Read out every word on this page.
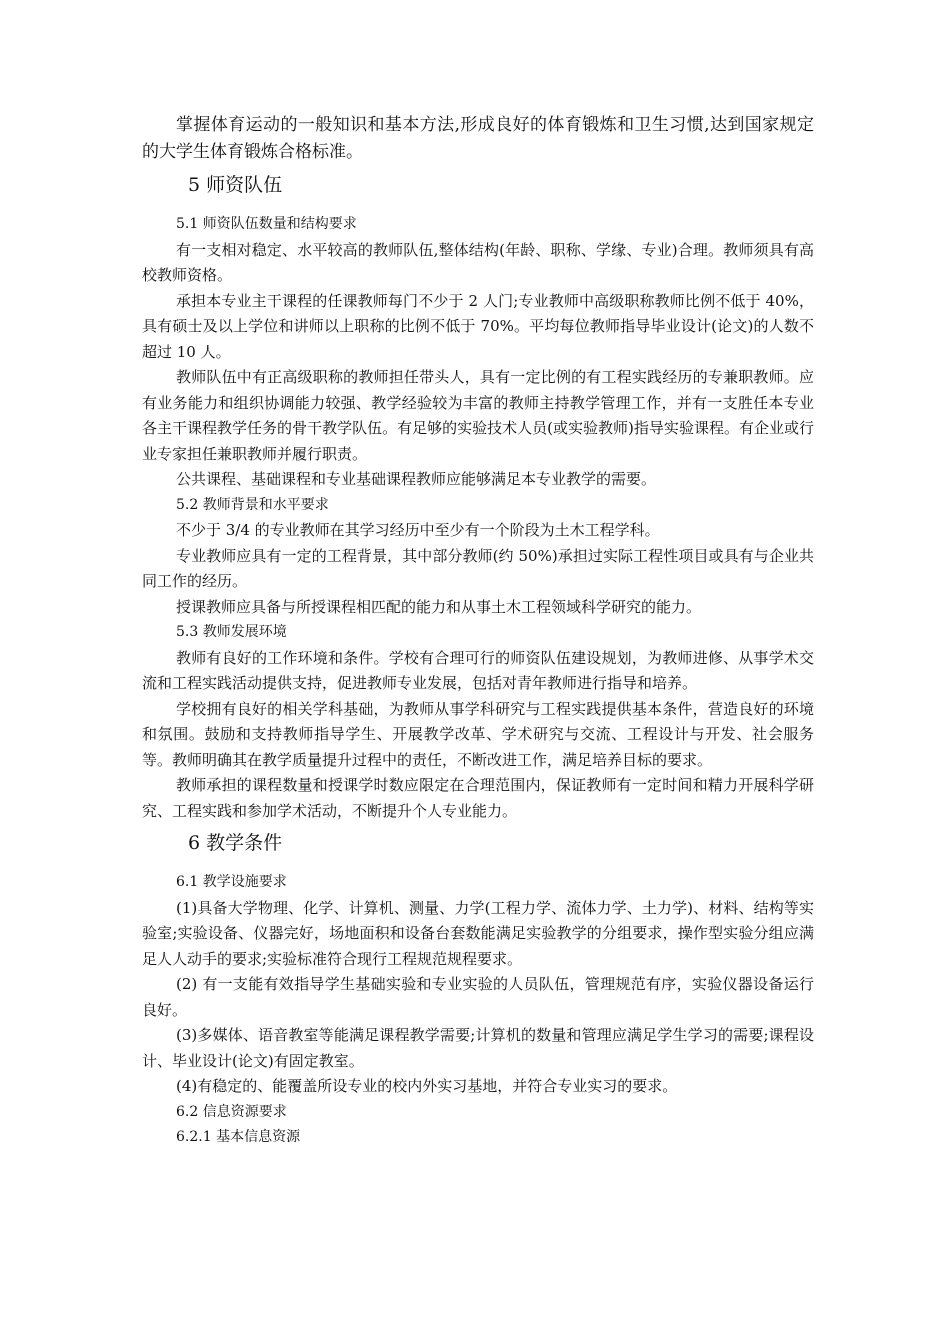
掌握体育运动的一般知识和基本方法,形成良好的体育锻炼和卫生习惯,达到国家规定的大学生体育锻炼合格标准。

5 师资队伍
5.1 师资队伍数量和结构要求

有一支相对稳定、水平较高的教师队伍,整体结构(年龄、职称、学缘、专业)合理。教师须具有高校教师资格。

承担本专业主干课程的任课教师每门不少于 2 人门;专业教师中高级职称教师比例不低于 40%，具有硕士及以上学位和讲师以上职称的比例不低于 70%。平均每位教师指导毕业设计(论文)的人数不超过 10 人。

教师队伍中有正高级职称的教师担任带头人，具有一定比例的有工程实践经历的专兼职教师。应有业务能力和组织协调能力较强、教学经验较为丰富的教师主持教学管理工作，并有一支胜任本专业各主干课程教学任务的骨干教学队伍。有足够的实验技术人员(或实验教师)指导实验课程。有企业或行业专家担任兼职教师并履行职责。

公共课程、基础课程和专业基础课程教师应能够满足本专业教学的需要。

5.2 教师背景和水平要求

不少于 3/4 的专业教师在其学习经历中至少有一个阶段为土木工程学科。

专业教师应具有一定的工程背景，其中部分教师(约 50%)承担过实际工程性项目或具有与企业共同工作的经历。

授课教师应具备与所授课程相匹配的能力和从事土木工程领域科学研究的能力。

5.3 教师发展环境

教师有良好的工作环境和条件。学校有合理可行的师资队伍建设规划，为教师进修、从事学术交流和工程实践活动提供支持，促进教师专业发展，包括对青年教师进行指导和培养。

学校拥有良好的相关学科基础，为教师从事学科研究与工程实践提供基本条件，营造良好的环境和氛围。鼓励和支持教师指导学生、开展教学改革、学术研究与交流、工程设计与开发、社会服务等。教师明确其在教学质量提升过程中的责任，不断改进工作，满足培养目标的要求。

教师承担的课程数量和授课学时数应限定在合理范围内，保证教师有一定时间和精力开展科学研究、工程实践和参加学术活动，不断提升个人专业能力。

6 教学条件
6.1 教学设施要求

(1)具备大学物理、化学、计算机、测量、力学(工程力学、流体力学、土力学)、材料、结构等实验室;实验设备、仪器完好，场地面积和设备台套数能满足实验教学的分组要求，操作型实验分组应满足人人动手的要求;实验标准符合现行工程规范规程要求。

(2) 有一支能有效指导学生基础实验和专业实验的人员队伍，管理规范有序，实验仪器设备运行良好。

(3)多媒体、语音教室等能满足课程教学需要;计算机的数量和管理应满足学生学习的需要;课程设计、毕业设计(论文)有固定教室。

(4)有稳定的、能覆盖所设专业的校内外实习基地，并符合专业实习的要求。

6.2 信息资源要求
6.2.1 基本信息资源
